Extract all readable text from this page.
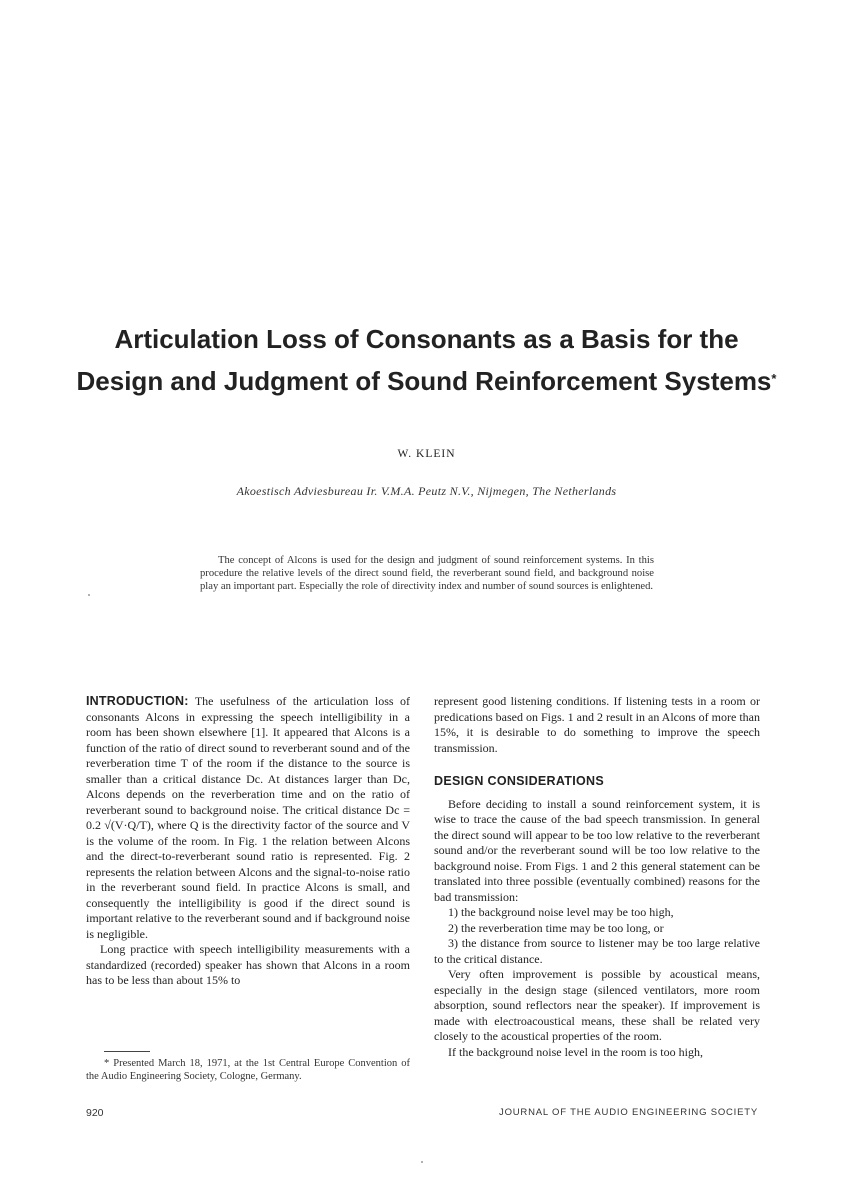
Articulation Loss of Consonants as a Basis for the
Design and Judgment of Sound Reinforcement Systems*
W. KLEIN
Akoestisch Adviesbureau Ir. V.M.A. Peutz N.V., Nijmegen, The Netherlands
The concept of Alcons is used for the design and judgment of sound reinforcement systems. In this procedure the relative levels of the direct sound field, the reverberant sound field, and background noise play an important part. Especially the role of directivity index and number of sound sources is enlightened.

INTRODUCTION: The usefulness of the articulation loss of consonants Alcons in expressing the speech intelligibility in a room has been shown elsewhere [1]. It appeared that Alcons is a function of the ratio of direct sound to reverberant sound and of the reverberation time T of the room if the distance to the source is smaller than a critical distance Dc. At distances larger than Dc, Alcons depends on the reverberation time and on the ratio of reverberant sound to background noise. The critical distance Dc = 0.2 √(V·Q/T), where Q is the directivity factor of the source and V is the volume of the room. In Fig. 1 the relation between Alcons and the direct-to-reverberant sound ratio is represented. Fig. 2 represents the relation between Alcons and the signal-to-noise ratio in the reverberant sound field. In practice Alcons is small, and consequently the intelligibility is good if the direct sound is important relative to the reverberant sound and if background noise is negligible.

Long practice with speech intelligibility measurements with a standardized (recorded) speaker has shown that Alcons in a room has to be less than about 15% to

represent good listening conditions. If listening tests in a room or predications based on Figs. 1 and 2 result in an Alcons of more than 15%, it is desirable to do something to improve the speech transmission.

DESIGN CONSIDERATIONS

Before deciding to install a sound reinforcement system, it is wise to trace the cause of the bad speech transmission. In general the direct sound will appear to be too low relative to the reverberant sound and/or the reverberant sound will be too low relative to the background noise. From Figs. 1 and 2 this general statement can be translated into three possible (eventually combined) reasons for the bad transmission:

1) the background noise level may be too high,
2) the reverberation time may be too long, or
3) the distance from source to listener may be too large relative to the critical distance.

Very often improvement is possible by acoustical means, especially in the design stage (silenced ventilators, more room absorption, sound reflectors near the speaker). If improvement is made with electroacoustical means, these shall be related very closely to the acoustical properties of the room.

If the background noise level in the room is too high,

* Presented March 18, 1971, at the 1st Central Europe Convention of the Audio Engineering Society, Cologne, Germany.
920	JOURNAL OF THE AUDIO ENGINEERING SOCIETY
